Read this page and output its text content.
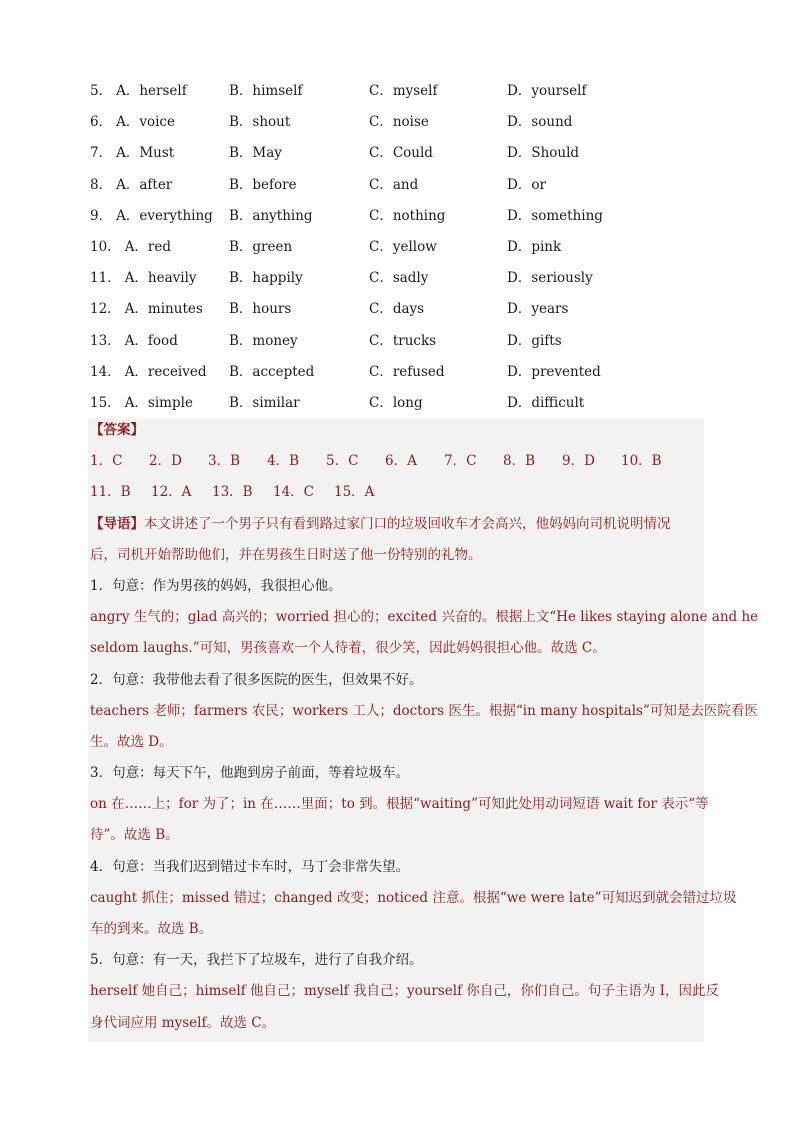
5． A．herself	B．himself	C．myself	D．yourself
6． A．voice	B．shout	C．noise	D．sound
7． A．Must	B．May	C．Could	D．Should
8． A．after	B．before	C．and	D．or
9． A．everything	B．anything	C．nothing	D．something
10． A．red	B．green	C．yellow	D．pink
11． A．heavily	B．happily	C．sadly	D．seriously
12． A．minutes	B．hours	C．days	D．years
13． A．food	B．money	C．trucks	D．gifts
14． A．received	B．accepted	C．refused	D．prevented
15． A．simple	B．similar	C．long	D．difficult
【答案】
1．C	2．D	3．B	4．B	5．C	6．A	7．C	8．B	9．D	10．B
11．B	12．A	13．B	14．C	15．A
【导语】本文讲述了一个男子只有看到路过家门口的垃圾回收车才会高兴，他妈妈向司机说明情况
后，司机开始帮助他们，并在男孩生日时送了他一份特别的礼物。
1．句意：作为男孩的妈妈，我很担心他。
angry 生气的；glad 高兴的；worried 担心的；excited 兴奋的。根据上文“He likes staying alone and he
seldom laughs.”可知，男孩喜欢一个人待着，很少笑，因此妈妈很担心他。故选 C。
2．句意：我带他去看了很多医院的医生，但效果不好。
teachers 老师；farmers 农民；workers 工人；doctors 医生。根据“in many hospitals”可知是去医院看医
生。故选 D。
3．句意：每天下午，他跑到房子前面，等着垃圾车。
on 在……上；for 为了；in 在……里面；to 到。根据“waiting”可知此处用动词短语 wait for 表示“等
待”。故选 B。
4．句意：当我们迟到错过卡车时，马丁会非常失望。
caught 抓住；missed 错过；changed 改变；noticed 注意。根据“we were late”可知迟到就会错过垃圾
车的到来。故选 B。
5．句意：有一天，我拦下了垃圾车，进行了自我介绍。
herself 她自己；himself 他自己；myself 我自己；yourself 你自己，你们自己。句子主语为 I，因此反
身代词应用 myself。故选 C。
